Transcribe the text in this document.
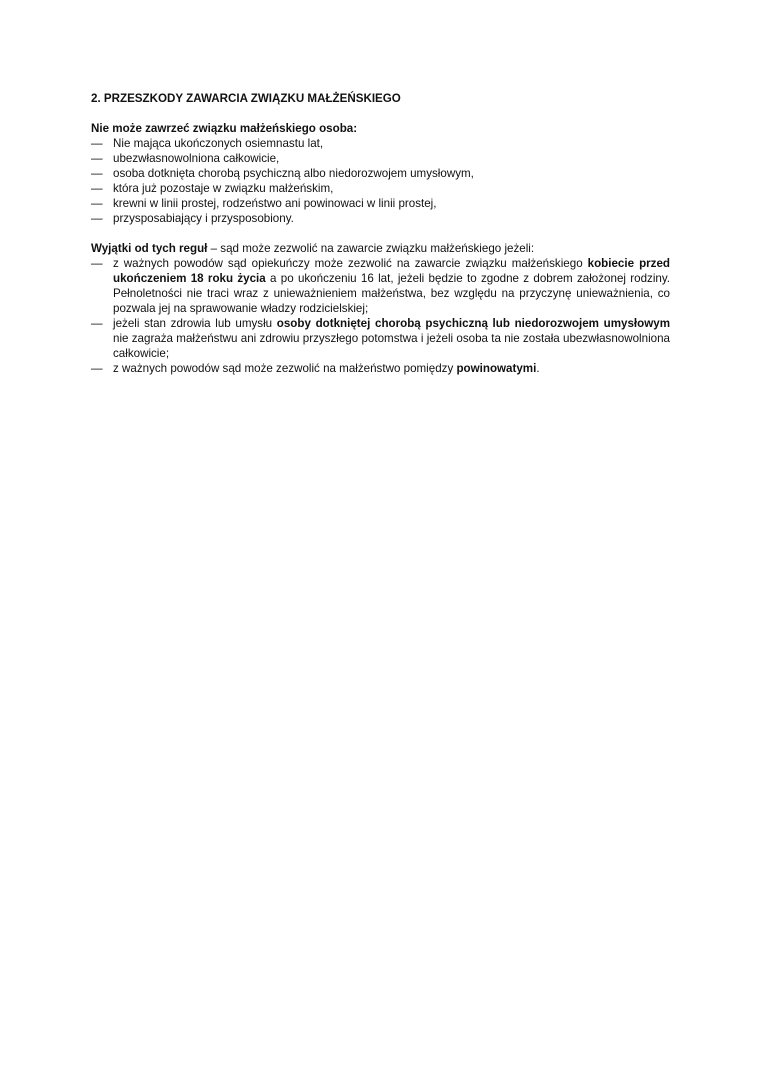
2. PRZESZKODY ZAWARCIA ZWIĄZKU MAŁŻEŃSKIEGO

Nie może zawrzeć związku małżeńskiego osoba:

— Nie mająca ukończonych osiemnastu lat,
— ubezwłasnowolniona całkowicie,
— osoba dotknięta chorobą psychiczną albo niedorozwojem umysłowym,
— która już pozostaje w związku małżeńskim,
— krewni w linii prostej, rodzeństwo ani powinowaci w linii prostej,
— przysposabiający i przysposobiony.

Wyjątki od tych reguł – sąd może zezwolić na zawarcie związku małżeńskiego jeżeli:

— z ważnych powodów sąd opiekuńczy może zezwolić na zawarcie związku małżeńskiego kobiecie przed ukończeniem 18 roku życia a po ukończeniu 16 lat, jeżeli będzie to zgodne z dobrem założonej rodziny. Pełnoletności nie traci wraz z unieważnieniem małżeństwa, bez względu na przyczynę unieważnienia, co pozwala jej na sprawowanie władzy rodzicielskiej;
— jeżeli stan zdrowia lub umysłu osoby dotkniętej chorobą psychiczną lub niedorozwojem umysłowym nie zagraża małżeństwu ani zdrowiu przyszłego potomstwa i jeżeli osoba ta nie została ubezwłasnowolniona całkowicie;
— z ważnych powodów sąd może zezwolić na małżeństwo pomiędzy powinowatymi.
